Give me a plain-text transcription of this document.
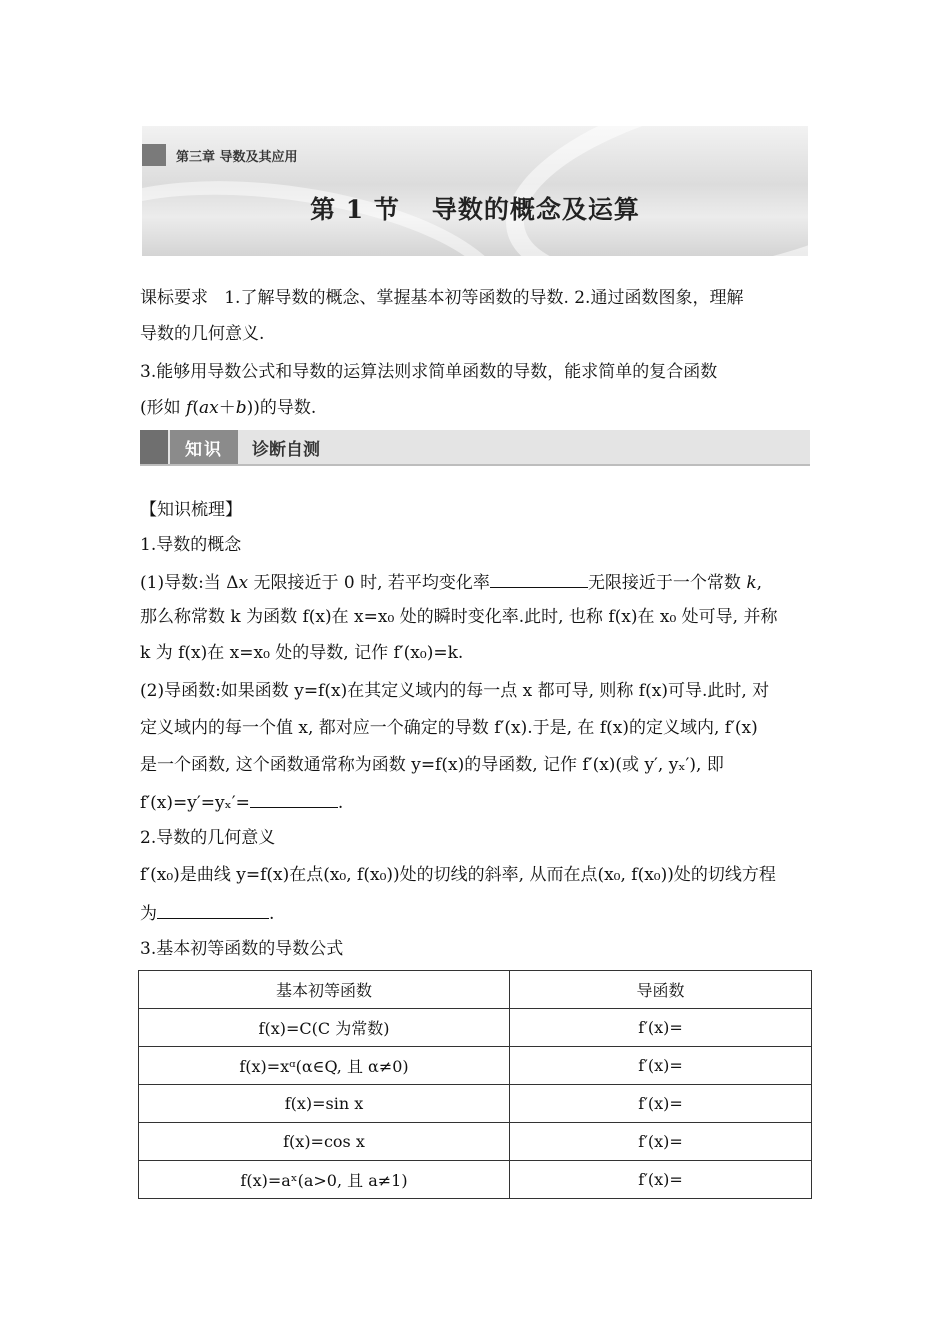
第三章 导数及其应用
第 1 节 导数的概念及运算
课标要求 1.了解导数的概念、掌握基本初等函数的导数. 2.通过函数图象，理解
导数的几何意义.
3.能够用导数公式和导数的运算法则求简单函数的导数，能求简单的复合函数
(形如 f(ax＋b))的导数.
知识	诊断自测
【知识梳理】
1.导数的概念
(1)导数:当 Δx 无限接近于 0 时, 若平均变化率	无限接近于一个常数 k,
那么称常数 k 为函数 f(x)在 x=x₀ 处的瞬时变化率.此时, 也称 f(x)在 x₀ 处可导, 并称
k 为 f(x)在 x=x₀ 处的导数, 记作 f′(x₀)=k.
(2)导函数:如果函数 y=f(x)在其定义域内的每一点 x 都可导, 则称 f(x)可导.此时, 对
定义域内的每一个值 x, 都对应一个确定的导数 f′(x).于是, 在 f(x)的定义域内, f′(x)
是一个函数, 这个函数通常称为函数 y=f(x)的导函数, 记作 f′(x)(或 y′, yₓ′), 即
f′(x)=y′=yₓ′=	.
2.导数的几何意义
f′(x₀)是曲线 y=f(x)在点(x₀, f(x₀))处的切线的斜率, 从而在点(x₀, f(x₀))处的切线方程
为	.
3.基本初等函数的导数公式
基本初等函数	导函数
f(x)=C(C 为常数)	f′(x)=
f(x)=xᵅ(α∈Q, 且 α≠0)	f′(x)=
f(x)=sin x	f′(x)=
f(x)=cos x	f′(x)=
f(x)=aˣ(a>0, 且 a≠1)	f′(x)=
